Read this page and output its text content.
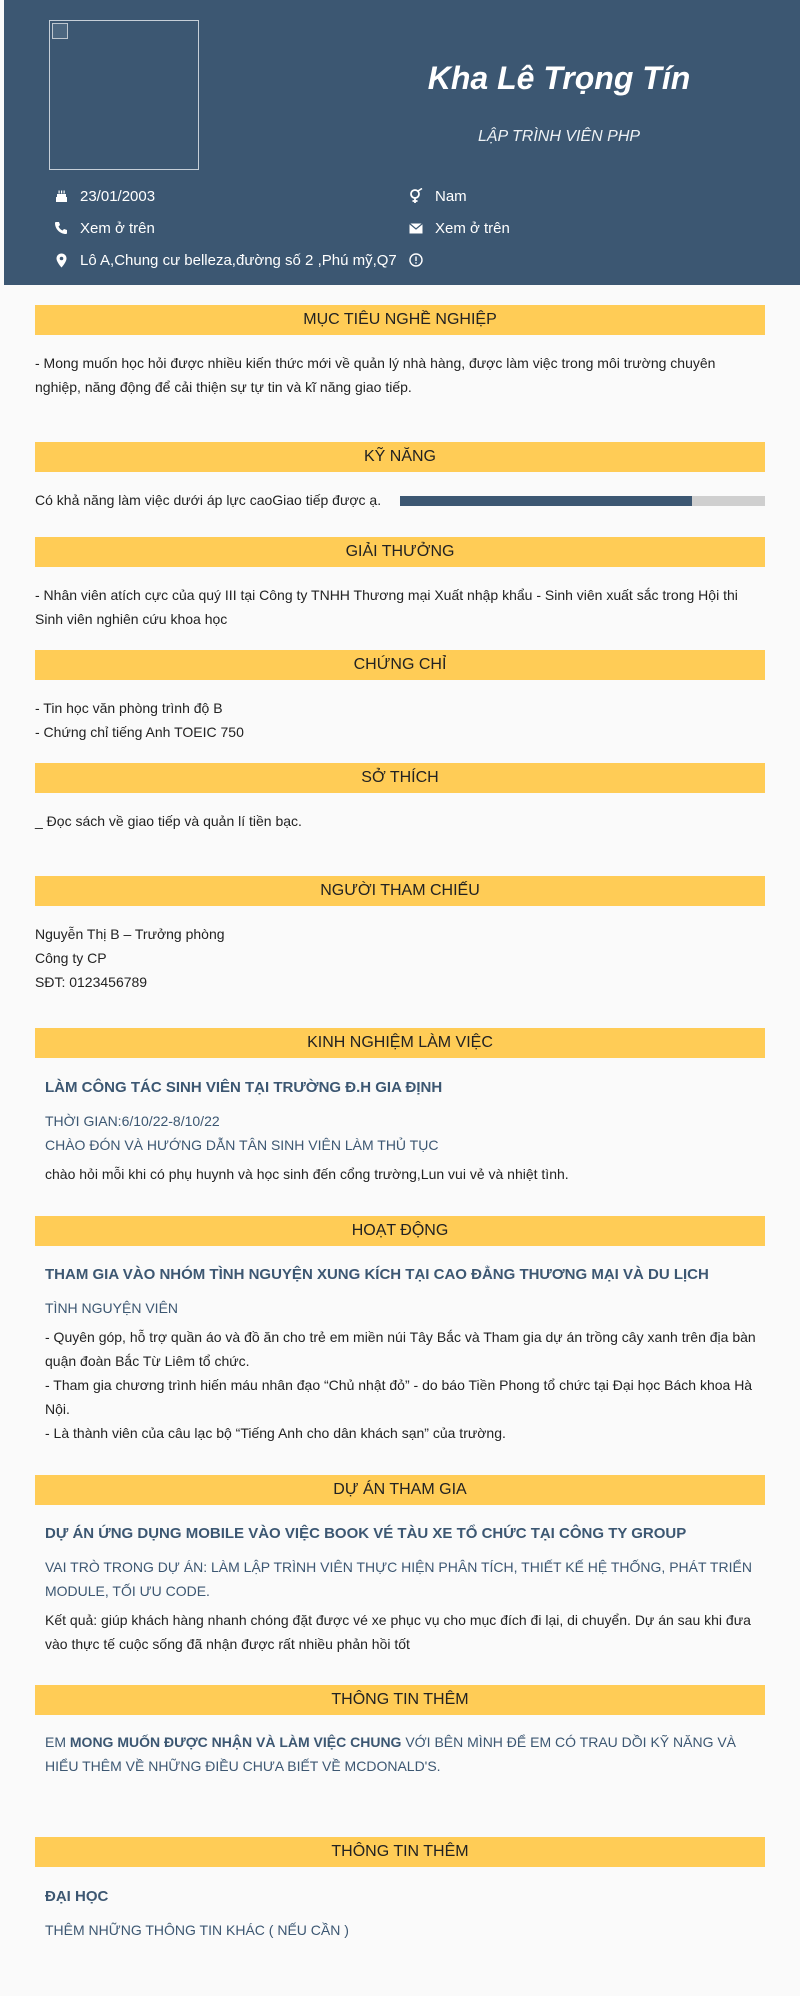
Kha Lê Trọng Tín
LẬP TRÌNH VIÊN PHP
23/01/2003	Nam
Xem ở trên	Xem ở trên
Lô A,Chung cư belleza,đường số 2 ,Phú mỹ,Q7
MỤC TIÊU NGHỀ NGHIỆP
- Mong muốn học hỏi được nhiều kiến thức mới về quản lý nhà hàng, được làm việc trong môi trường chuyên nghiệp, năng động để cải thiện sự tự tin và kĩ năng giao tiếp.
KỸ NĂNG
Có khả năng làm việc dưới áp lực caoGiao tiếp được ạ.
GIẢI THƯỞNG
- Nhân viên atích cực của quý III tại Công ty TNHH Thương mại Xuất nhập khẩu - Sinh viên xuất sắc trong Hội thi Sinh viên nghiên cứu khoa học
CHỨNG CHỈ
- Tin học văn phòng trình độ B
- Chứng chỉ tiếng Anh TOEIC 750
SỞ THÍCH
_ Đọc sách về giao tiếp và quản lí tiền bạc.
NGƯỜI THAM CHIẾU
Nguyễn Thị B – Trưởng phòng
Công ty CP
SĐT: 0123456789
KINH NGHIỆM LÀM VIỆC
LÀM CÔNG TÁC SINH VIÊN TẠI TRƯỜNG Đ.H GIA ĐỊNH
THỜI GIAN:6/10/22-8/10/22
CHÀO ĐÓN VÀ HƯỚNG DẪN TÂN SINH VIÊN LÀM THỦ TỤC
chào hỏi mỗi khi có phụ huynh và học sinh đến cổng trường,Lun vui vẻ và nhiệt tình.
HOẠT ĐỘNG
THAM GIA VÀO NHÓM TÌNH NGUYỆN XUNG KÍCH TẠI CAO ĐẲNG THƯƠNG MẠI VÀ DU LỊCH
TÌNH NGUYỆN VIÊN
- Quyên góp, hỗ trợ quần áo và đồ ăn cho trẻ em miền núi Tây Bắc và Tham gia dự án trồng cây xanh trên địa bàn quận đoàn Bắc Từ Liêm tổ chức.
- Tham gia chương trình hiến máu nhân đạo “Chủ nhật đỏ” - do báo Tiền Phong tổ chức tại Đại học Bách khoa Hà Nội.
- Là thành viên của câu lạc bộ “Tiếng Anh cho dân khách sạn” của trường.
DỰ ÁN THAM GIA
DỰ ÁN ỨNG DỤNG MOBILE VÀO VIỆC BOOK VÉ TÀU XE TỔ CHỨC TẠI CÔNG TY GROUP
VAI TRÒ TRONG DỰ ÁN: LÀM LẬP TRÌNH VIÊN THỰC HIỆN PHÂN TÍCH, THIẾT KẾ HỆ THỐNG, PHÁT TRIỂN MODULE, TỐI ƯU CODE.
Kết quả: giúp khách hàng nhanh chóng đặt được vé xe phục vụ cho mục đích đi lại, di chuyển. Dự án sau khi đưa vào thực tế cuộc sống đã nhận được rất nhiều phản hồi tốt
THÔNG TIN THÊM
EM MONG MUỐN ĐƯỢC NHẬN VÀ LÀM VIỆC CHUNG VỚI BÊN MÌNH ĐỂ EM CÓ TRAU DỒI KỸ NĂNG VÀ HIỂU THÊM VỀ NHỮNG ĐIỀU CHƯA BIẾT VỀ MCDONALD'S.
THÔNG TIN THÊM
ĐẠI HỌC
THÊM NHỮNG THÔNG TIN KHÁC ( NẾU CẦN )
